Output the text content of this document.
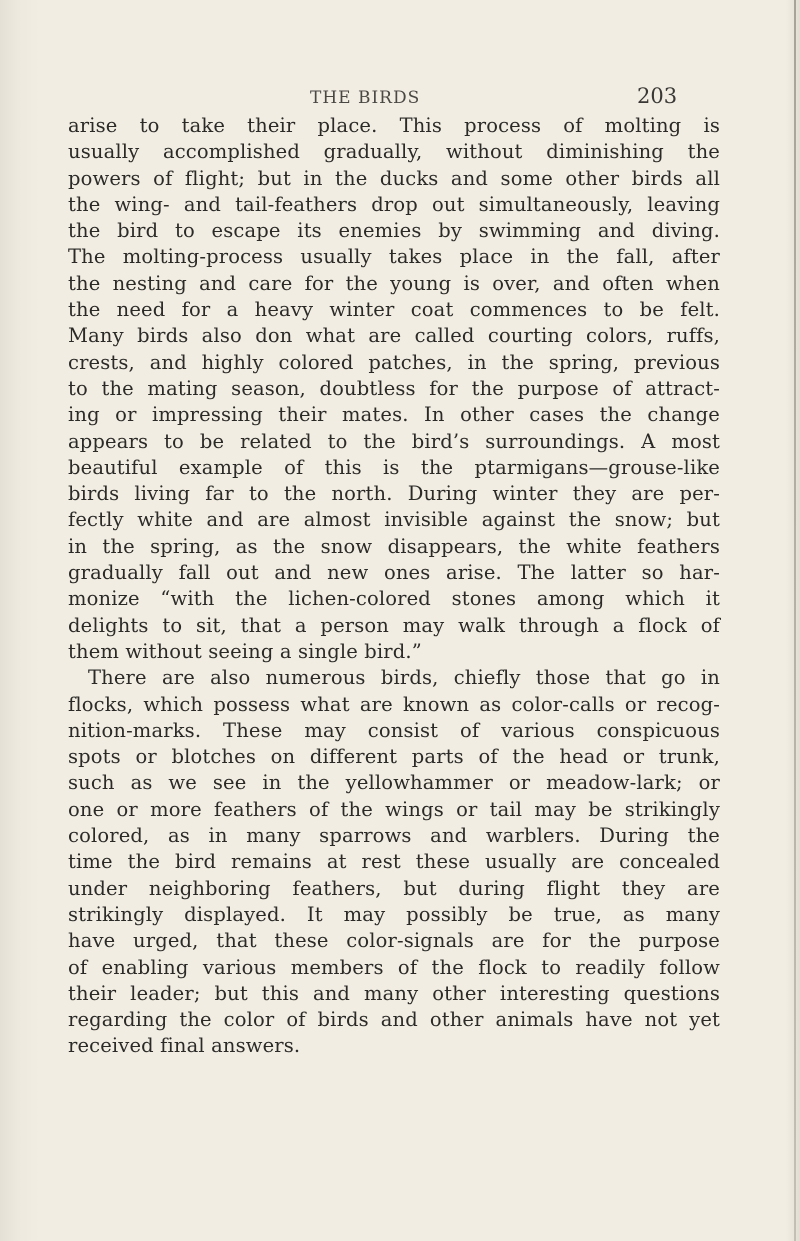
THE BIRDS	203
arise to take their place. This process of molting is
usually accomplished gradually, without diminishing the
powers of flight; but in the ducks and some other birds all
the wing- and tail-feathers drop out simultaneously, leaving
the bird to escape its enemies by swimming and diving.
The molting-process usually takes place in the fall, after
the nesting and care for the young is over, and often when
the need for a heavy winter coat commences to be felt.
Many birds also don what are called courting colors, ruffs,
crests, and highly colored patches, in the spring, previous
to the mating season, doubtless for the purpose of attract-
ing or impressing their mates. In other cases the change
appears to be related to the bird’s surroundings. A most
beautiful example of this is the ptarmigans—grouse-like
birds living far to the north. During winter they are per-
fectly white and are almost invisible against the snow; but
in the spring, as the snow disappears, the white feathers
gradually fall out and new ones arise. The latter so har-
monize “with the lichen-colored stones among which it
delights to sit, that a person may walk through a flock of
them without seeing a single bird.”
There are also numerous birds, chiefly those that go in
flocks, which possess what are known as color-calls or recog-
nition-marks. These may consist of various conspicuous
spots or blotches on different parts of the head or trunk,
such as we see in the yellowhammer or meadow-lark; or
one or more feathers of the wings or tail may be strikingly
colored, as in many sparrows and warblers. During the
time the bird remains at rest these usually are concealed
under neighboring feathers, but during flight they are
strikingly displayed. It may possibly be true, as many
have urged, that these color-signals are for the purpose
of enabling various members of the flock to readily follow
their leader; but this and many other interesting questions
regarding the color of birds and other animals have not yet
received final answers.
